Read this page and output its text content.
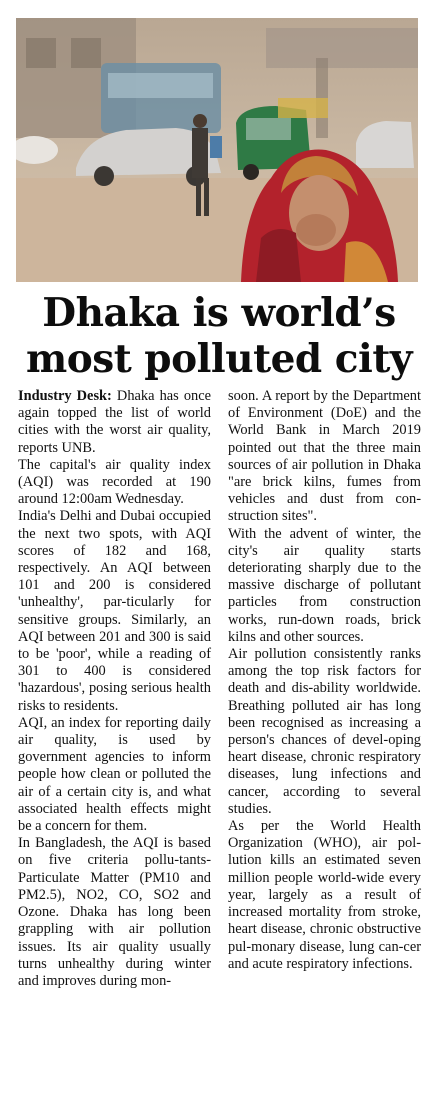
Dhaka is world’s
most polluted city

Industry Desk: Dhaka has once again topped the list of world cities with the worst air quality, reports UNB.

The capital's air quality index (AQI) was recorded at 190 around 12:00am Wednesday.

India's Delhi and Dubai occupied the next two spots, with AQI scores of 182 and 168, respectively. An AQI between 101 and 200 is considered 'unhealthy', par-ticularly for sensitive groups. Similarly, an AQI between 201 and 300 is said to be 'poor', while a reading of 301 to 400 is considered 'hazardous', posing serious health risks to residents.

AQI, an index for reporting daily air quality, is used by government agencies to inform people how clean or polluted the air of a certain city is, and what associated health effects might be a concern for them.

In Bangladesh, the AQI is based on five criteria pollu-tants-Particulate Matter (PM10 and PM2.5), NO2, CO, SO2 and Ozone. Dhaka has long been grappling with air pollution issues. Its air quality usually turns unhealthy during winter and improves during mon-

soon. A report by the Department of Environment (DoE) and the World Bank in March 2019 pointed out that the three main sources of air pollution in Dhaka "are brick kilns, fumes from vehicles and dust from con-struction sites".

With the advent of winter, the city's air quality starts deteriorating sharply due to the massive discharge of pollutant particles from construction works, run-down roads, brick kilns and other sources.

Air pollution consistently ranks among the top risk factors for death and dis-ability worldwide. Breathing polluted air has long been recognised as increasing a person's chances of devel-oping heart disease, chronic respiratory diseases, lung infections and cancer, according to several studies.

As per the World Health Organization (WHO), air pol-lution kills an estimated seven million people world-wide every year, largely as a result of increased mortality from stroke, heart disease, chronic obstructive pul-monary disease, lung can-cer and acute respiratory infections.
